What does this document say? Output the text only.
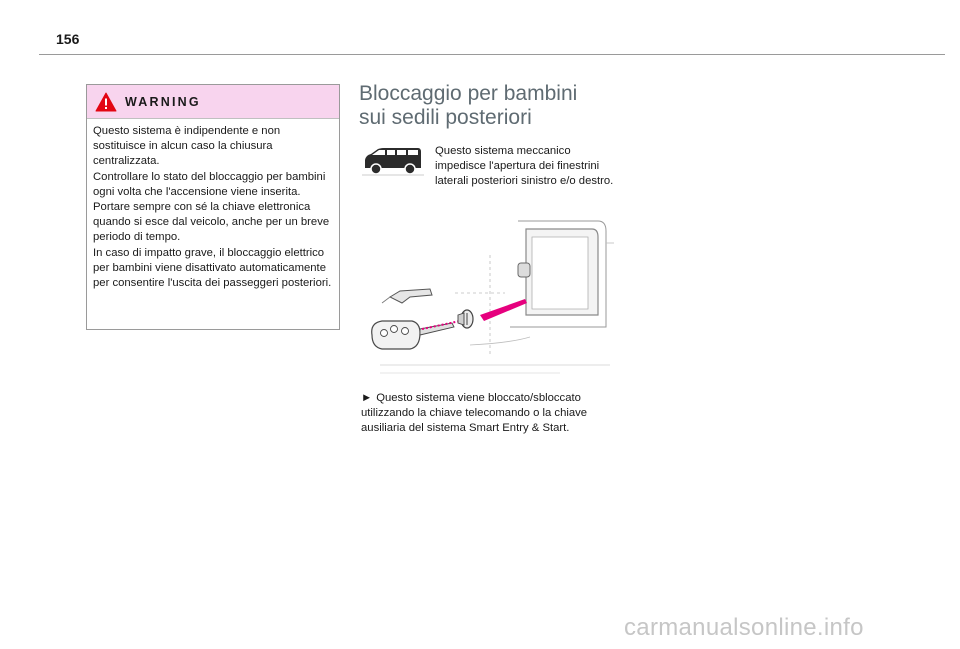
156
WARNING

Questo sistema è indipendente e non sostituisce in alcun caso la chiusura centralizzata.

Controllare lo stato del bloccaggio per bambini ogni volta che l'accensione viene inserita.

Portare sempre con sé la chiave elettronica quando si esce dal veicolo, anche per un breve periodo di tempo.

In caso di impatto grave, il bloccaggio elettrico per bambini viene disattivato automaticamente per consentire l'uscita dei passeggeri posteriori.

Bloccaggio per bambini
sui sedili posteriori

Questo sistema meccanico impedisce l'apertura dei finestrini laterali posteriori sinistro e/o destro.

► Questo sistema viene bloccato/sbloccato utilizzando la chiave telecomando o la chiave ausiliaria del sistema Smart Entry & Start.

carmanualsonline.info
